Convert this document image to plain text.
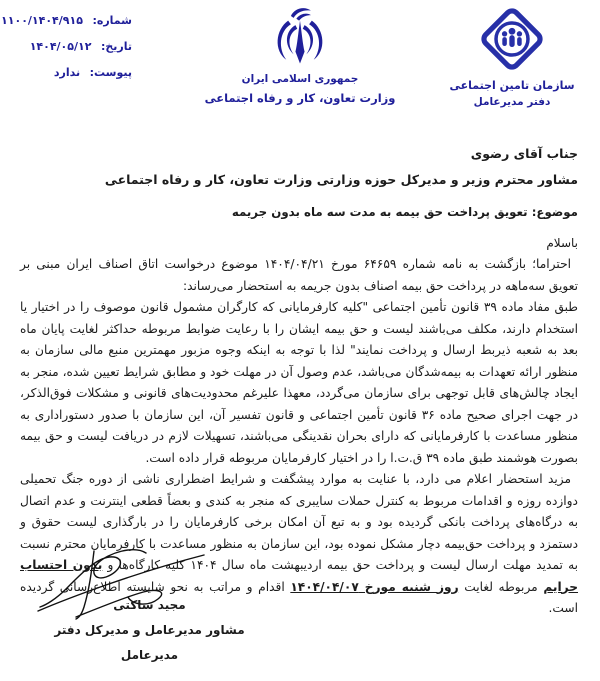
شماره: ۱۱۰۰/۱۴۰۴/۹۱۵
تاریخ: ۱۴۰۴/۰۵/۱۲
پیوست: ندارد	جمهوری اسلامی ایران
وزارت تعاون، کار و رفاه اجتماعی
سازمان تامین اجتماعی
دفتر مدیرعامل
جناب آقای رضوی
مشاور محترم وزیر و مدیرکل حوزه وزارتی وزارت تعاون، کار و رفاه اجتماعی
موضوع: تعویق پرداخت حق بیمه به مدت سه ماه بدون جریمه
باسلام

احتراما؛ بازگشت به نامه شماره ۶۴۶۵۹ مورخ ۱۴۰۴/۰۴/۲۱ موضوع درخواست اتاق اصناف ایران مبنی بر تعویق سه‌ماهه در پرداخت حق بیمه اصناف بدون جریمه به استحضار می‌رساند:

طبق مفاد ماده ۳۹ قانون تأمین اجتماعی "کلیه کارفرمایانی که کارگران مشمول قانون موصوف را در اختیار یا استخدام دارند، مکلف می‌باشند لیست و حق بیمه ایشان را با رعایت ضوابط مربوطه حداکثر لغایت پایان ماه بعد به شعبه ذیربط ارسال و پرداخت نمایند" لذا با توجه به اینکه وجوه مزبور مهمترین منبع مالی سازمان به منظور ارائه تعهدات به بیمه‌شدگان می‌باشد، عدم وصول آن در مهلت خود و مطابق شرایط تعیین شده، منجر به ایجاد چالش‌های قابل توجهی برای سازمان می‌گردد، معهذا علیرغم محدودیت‌های قانونی و مشکلات فوق‌الذکر، در جهت اجرای صحیح ماده ۳۶ قانون تأمین اجتماعی و قانون تفسیر آن، این سازمان با صدور دستوراداری به منظور مساعدت با کارفرمایانی که دارای بحران نقدینگی می‌باشند، تسهیلات لازم در دریافت لیست و حق بیمه بصورت هوشمند طبق ماده ۳۹ ق.ت.ا را در اختیار کارفرمایان مربوطه قرار داده است.

مزید استحضار اعلام می دارد، با عنایت به موارد پیشگفت و شرایط اضطراری ناشی از دوره جنگ تحمیلی دوازده روزه و اقدامات مربوط به کنترل حملات سایبری که منجر به کندی و بعضاً قطعی اینترنت و عدم اتصال به درگاه‌های پرداخت بانکی گردیده بود و به تبع آن امکان برخی کارفرمایان را در بارگذاری لیست حقوق و دستمزد و پرداخت حق‌بیمه دچار مشکل نموده بود، این سازمان به منظور مساعدت با کارفرمایان محترم نسبت به تمدید مهلت ارسال لیست و پرداخت حق بیمه اردیبهشت ماه سال ۱۴۰۴ کلیه کارگاه‌ها و بدون احتساب جرایم مربوطه لغایت روز شنبه مورخ ۱۴۰۴/۰۴/۰۷ اقدام و مراتب به نحو شایسته اطلاع‌رسانی گردیده است.

مجید ساکتی
مشاور مدیرعامل و مدیرکل دفتر
مدیرعامل
